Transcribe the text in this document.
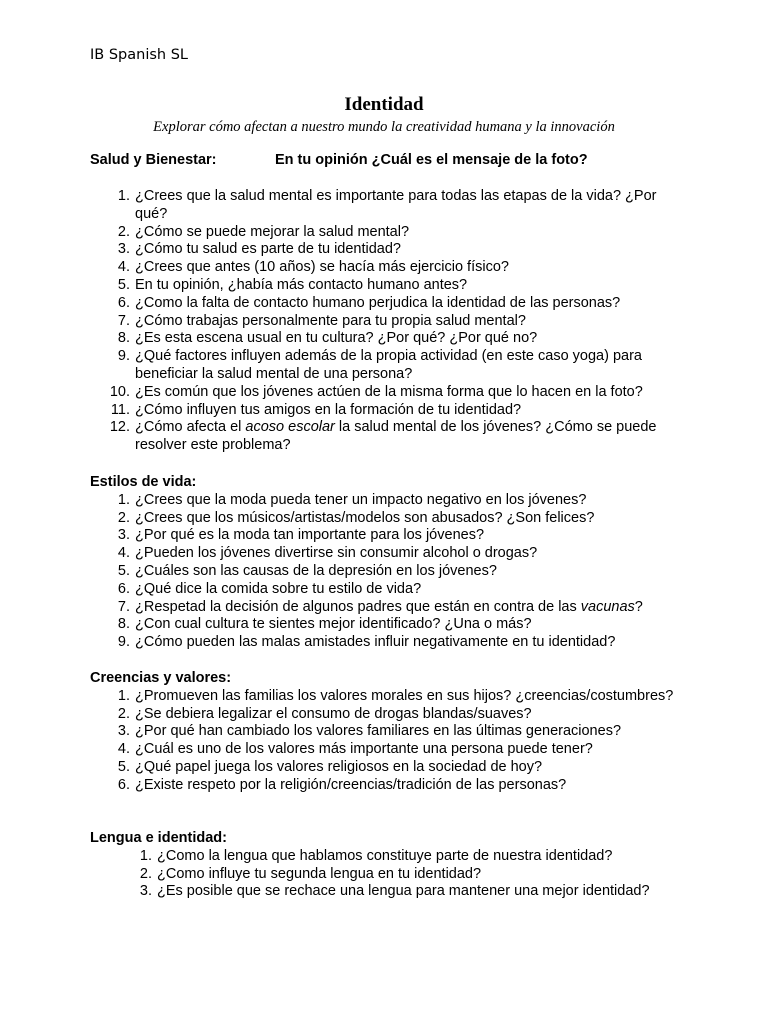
IB Spanish SL
Identidad
Explorar cómo afectan a nuestro mundo la creatividad humana y la innovación
Salud y Bienestar:	En tu opinión ¿Cuál es el mensaje de la foto?
1 . ¿Crees que la salud mental es importante para todas las etapas de la vida? ¿Por qué?
2 . ¿Cómo se puede mejorar la salud mental?
3 . ¿Cómo tu salud es parte de tu identidad?
4 . ¿Crees que antes (10 años) se hacía más ejercicio físico?
5 . En tu opinión, ¿había más contacto humano antes?
6 . ¿Como la falta de contacto humano perjudica la identidad de las personas?
7 . ¿Cómo trabajas personalmente para tu propia salud mental?
8 . ¿Es esta escena usual en tu cultura? ¿Por qué? ¿Por qué no?
9 . ¿Qué factores influyen además de la propia actividad (en este caso yoga) para beneficiar la salud mental de una persona?
10 . ¿Es común que los jóvenes actúen de la misma forma que lo hacen en la foto?
11 . ¿Cómo influyen tus amigos en la formación de tu identidad?
12 . ¿Cómo afecta el acoso escolar la salud mental de los jóvenes? ¿Cómo se puede resolver este problema?
Estilos de vida:
1 . ¿Crees que la moda pueda tener un impacto negativo en los jóvenes?
2 . ¿Crees que los músicos/artistas/modelos son abusados? ¿Son felices?
3 . ¿Por qué es la moda tan importante para los jóvenes?
4 . ¿Pueden los jóvenes divertirse sin consumir alcohol o drogas?
5 . ¿Cuáles son las causas de la depresión en los jóvenes?
6 . ¿Qué dice la comida sobre tu estilo de vida?
7 . ¿Respetad la decisión de algunos padres que están en contra de las vacunas?
8 . ¿Con cual cultura te sientes mejor identificado? ¿Una o más?
9 . ¿Cómo pueden las malas amistades influir negativamente en tu identidad?
Creencias y valores:
1 . ¿Promueven las familias los valores morales en sus hijos? ¿creencias/costumbres?
2 . ¿Se debiera legalizar el consumo de drogas blandas/suaves?
3 . ¿Por qué han cambiado los valores familiares en las últimas generaciones?
4 . ¿Cuál es uno de los valores más importante una persona puede tener?
5 . ¿Qué papel juega los valores religiosos en la sociedad de hoy?
6 . ¿Existe respeto por la religión/creencias/tradición de las personas?
Lengua e identidad:
1 . ¿Como la lengua que hablamos constituye parte de nuestra identidad?
2 . ¿Como influye tu segunda lengua en tu identidad?
3 . ¿Es posible que se rechace una lengua para mantener una mejor identidad?
